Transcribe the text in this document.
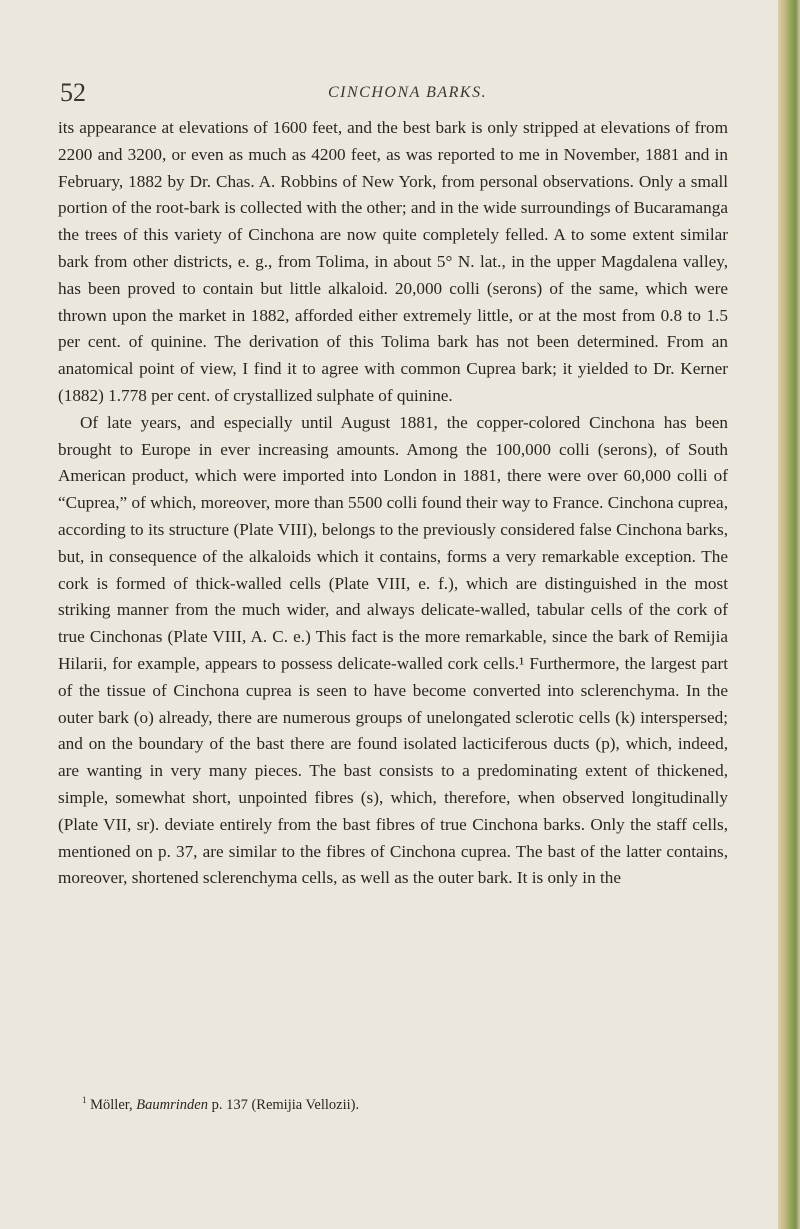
52	CINCHONA BARKS.

its appearance at elevations of 1600 feet, and the best bark is only stripped at elevations of from 2200 and 3200, or even as much as 4200 feet, as was reported to me in November, 1881 and in February, 1882 by Dr. Chas. A. Robbins of New York, from personal observations. Only a small portion of the root-bark is collected with the other; and in the wide surroundings of Bucaramanga the trees of this variety of Cinchona are now quite completely felled. A to some extent similar bark from other districts, e. g., from Tolima, in about 5° N. lat., in the upper Magdalena valley, has been proved to contain but little alkaloid. 20,000 colli (serons) of the same, which were thrown upon the market in 1882, afforded either extremely little, or at the most from 0.8 to 1.5 per cent. of quinine. The derivation of this Tolima bark has not been determined. From an anatomical point of view, I find it to agree with common Cuprea bark; it yielded to Dr. Kerner (1882) 1.778 per cent. of crystallized sulphate of quinine.

Of late years, and especially until August 1881, the copper-colored Cinchona has been brought to Europe in ever increasing amounts. Among the 100,000 colli (serons), of South American product, which were imported into London in 1881, there were over 60,000 colli of “Cuprea,” of which, moreover, more than 5500 colli found their way to France. Cinchona cuprea, according to its structure (Plate VIII), belongs to the previously considered false Cinchona barks, but, in consequence of the alkaloids which it contains, forms a very remarkable exception. The cork is formed of thick-walled cells (Plate VIII, e. f.), which are distinguished in the most striking manner from the much wider, and always delicate-walled, tabular cells of the cork of true Cinchonas (Plate VIII, A. C. e.) This fact is the more remarkable, since the bark of Remijia Hilarii, for example, appears to possess delicate-walled cork cells.¹ Furthermore, the largest part of the tissue of Cinchona cuprea is seen to have become converted into sclerenchyma. In the outer bark (o) already, there are numerous groups of unelongated sclerotic cells (k) interspersed; and on the boundary of the bast there are found isolated lacticiferous ducts (p), which, indeed, are wanting in very many pieces. The bast consists to a predominating extent of thickened, simple, somewhat short, unpointed fibres (s), which, therefore, when observed longitudinally (Plate VII, sr). deviate entirely from the bast fibres of true Cinchona barks. Only the staff cells, mentioned on p. 37, are similar to the fibres of Cinchona cuprea. The bast of the latter contains, moreover, shortened sclerenchyma cells, as well as the outer bark. It is only in the

$^1$ Möller, Baumrinden p. 137 (Remijia Vellozii).
